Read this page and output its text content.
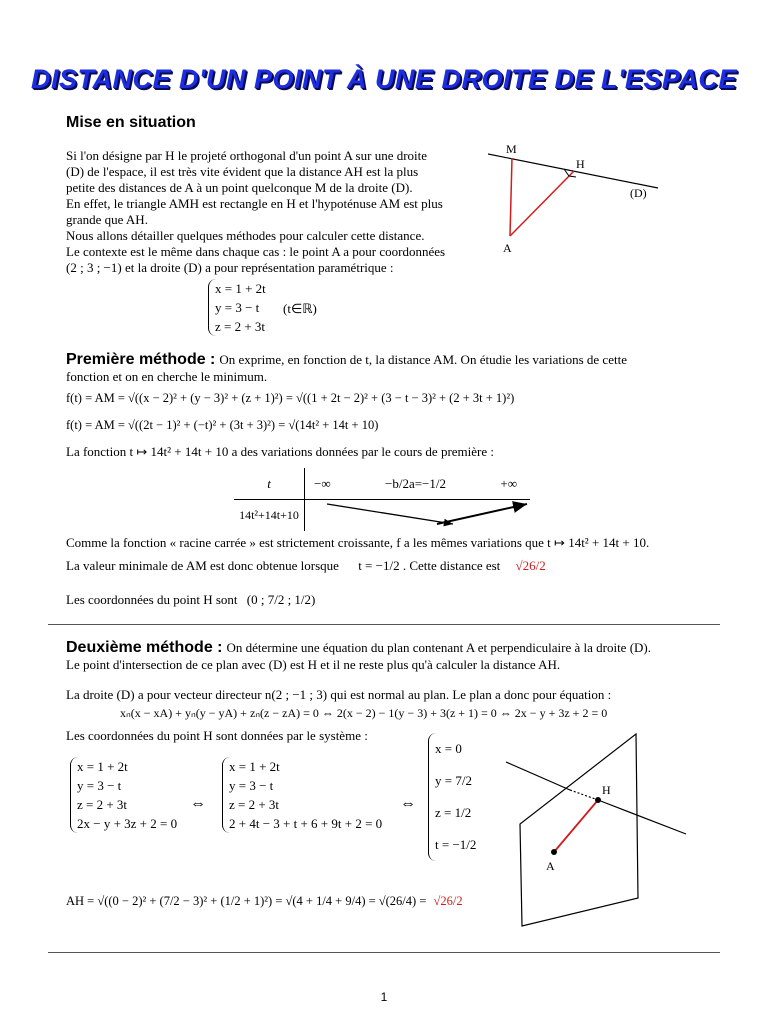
DISTANCE D'UN POINT À UNE DROITE DE L'ESPACE
Mise en situation
Si l'on désigne par H le projeté orthogonal d'un point A sur une droite
(D) de l'espace, il est très vite évident que la distance AH est la plus
petite des distances de A à un point quelconque M de la droite (D).
En effet, le triangle AMH est rectangle en H et l'hypoténuse AM est plus
grande que AH.
Nous allons détailler quelques méthodes pour calculer cette distance.
Le contexte est le même dans chaque cas : le point A a pour coordonnées
(2 ; 3 ; −1) et la droite (D) a pour représentation paramétrique :
M
H
(D)
A
x = 1 + 2t
y = 3 − t
z = 2 + 3t
(t∈ℝ)
Première méthode : On exprime, en fonction de t, la distance AM. On étudie les variations de cette
fonction et on en cherche le minimum.
f(t) = AM = √((x − 2)² + (y − 3)² + (z + 1)²) = √((1 + 2t − 2)² + (3 − t − 3)² + (2 + 3t + 1)²)
f(t) = AM = √((2t − 1)² + (−t)² + (3t + 3)²) = √(14t² + 14t + 10)
La fonction t ↦ 14t² + 14t + 10 a des variations données par le cours de première :
t	−∞ −b/2a=−1/2 +∞

14t²+14t+10	
Comme la fonction « racine carrée » est strictement croissante, f a les mêmes variations que t ↦ 14t² + 14t + 10.
La valeur minimale de AM est donc obtenue lorsque t = −1/2 . Cette distance est √26/2
Les coordonnées du point H sont (0 ; 7/2 ; 1/2)
Deuxième méthode : On détermine une équation du plan contenant A et perpendiculaire à la droite (D).
Le point d'intersection de ce plan avec (D) est H et il ne reste plus qu'à calculer la distance AH.
La droite (D) a pour vecteur directeur n(2 ; −1 ; 3) qui est normal au plan. Le plan a donc pour équation :
xₙ(x − xA) + yₙ(y − yA) + zₙ(z − zA) = 0 ⇔ 2(x − 2) − 1(y − 3) + 3(z + 1) = 0 ⇔ 2x − y + 3z + 2 = 0
Les coordonnées du point H sont données par le système :
x = 1 + 2t
y = 3 − t
z = 2 + 3t
2x − y + 3z + 2 = 0
⇔
x = 1 + 2t
y = 3 − t
z = 2 + 3t
2 + 4t − 3 + t + 6 + 9t + 2 = 0
⇔
x = 0
y = 7/2
z = 1/2
t = −1/2
H
A
AH = √((0 − 2)² + (7/2 − 3)² + (1/2 + 1)²) = √(4 + 1/4 + 9/4) = √(26/4) = √26/2
1
